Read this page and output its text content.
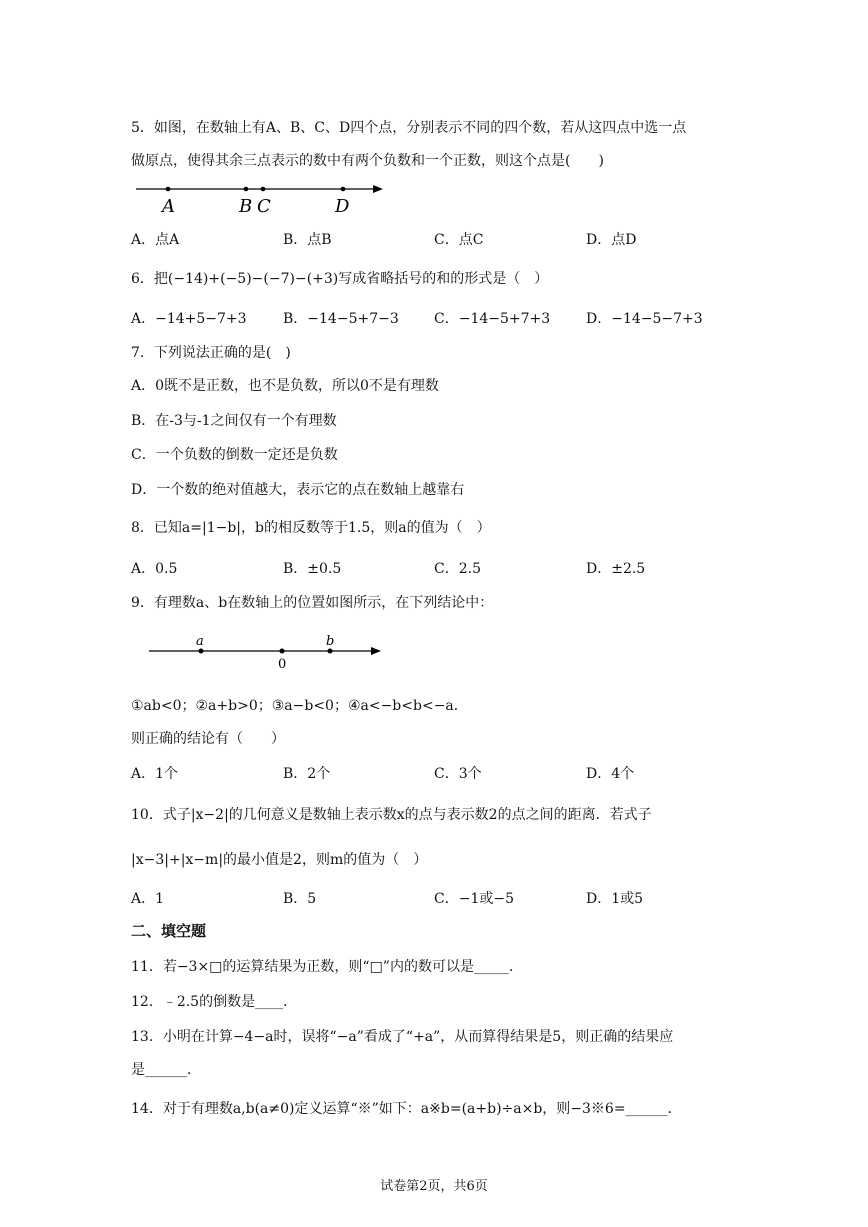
5．如图，在数轴上有A、B、C、D四个点，分别表示不同的四个数，若从这四点中选一点
做原点，使得其余三点表示的数中有两个负数和一个正数，则这个点是(　　)
A	B C	D
A．点A	B．点B	C．点C	D．点D
6．把(−14)+(−5)−(−7)−(+3)写成省略括号的和的形式是（　）
A．−14+5−7+3	B．−14−5+7−3	C．−14−5+7+3	D．−14−5−7+3
7．下列说法正确的是(　)
A．0既不是正数，也不是负数，所以0不是有理数
B．在-3与-1之间仅有一个有理数
C．一个负数的倒数一定还是负数
D．一个数的绝对值越大，表示它的点在数轴上越靠右
8．已知a=|1−b|，b的相反数等于1.5，则a的值为（　）
A．0.5	B．±0.5	C．2.5	D．±2.5
9．有理数a、b在数轴上的位置如图所示，在下列结论中：
a
0
b
①ab<0；②a+b>0；③a−b<0；④a<−b<b<−a．
则正确的结论有（　　）
A．1个	B．2个	C．3个	D．4个
10．式子|x−2|的几何意义是数轴上表示数x的点与表示数2的点之间的距离．若式子
|x−3|+|x−m|的最小值是2，则m的值为（　）
A．1	B．5	C．−1或−5	D．1或5
二、填空题
11．若−3×□的运算结果为正数，则“□”内的数可以是_____．
12．﹣2.5的倒数是____．
13．小明在计算−4−a时，误将“−a”看成了“+a”，从而算得结果是5，则正确的结果应
是______．
14．对于有理数a,b(a≠0)定义运算“※”如下：a※b=(a+b)÷a×b，则−3※6=______．
试卷第2页，共6页
